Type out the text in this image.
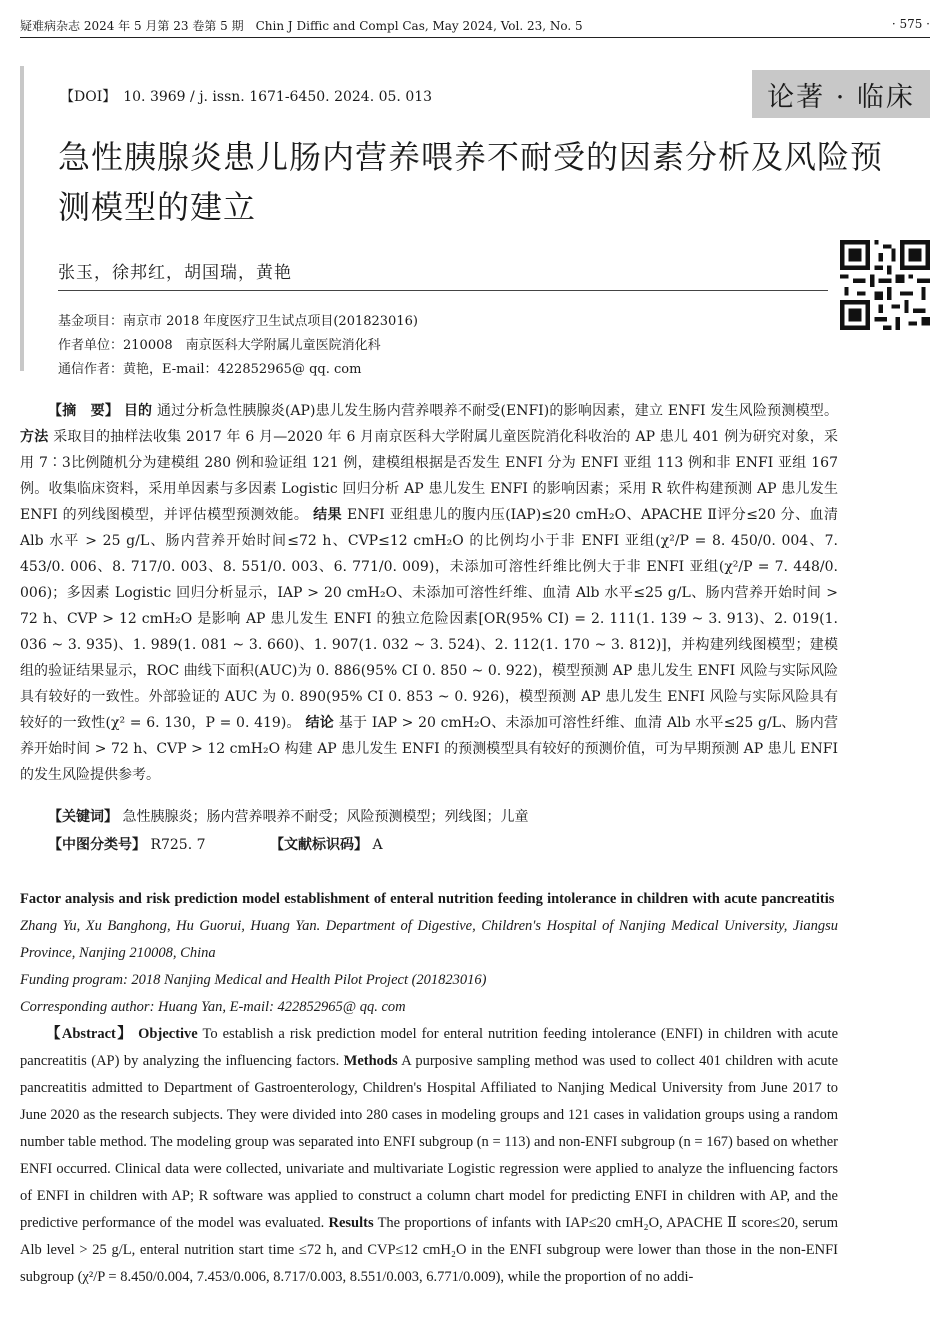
疑难病杂志 2024 年 5 月第 23 卷第 5 期　Chin J Diffic and Compl Cas, May 2024, Vol. 23, No. 5	· 575 ·
【DOI】　10. 3969 / j. issn. 1671-6450. 2024. 05. 013	论著 · 临床
急性胰腺炎患儿肠内营养喂养不耐受的因素分析及风险预测模型的建立
张玉，徐邦红，胡国瑞，黄艳
基金项目：南京市 2018 年度医疗卫生试点项目(201823016)
作者单位：210008　南京医科大学附属儿童医院消化科
通信作者：黄艳，E-mail：422852965@ qq. com

【摘　要】 目的 通过分析急性胰腺炎(AP)患儿发生肠内营养喂养不耐受(ENFI)的影响因素，建立 ENFI 发生风险预测模型。 方法 采取目的抽样法收集 2017 年 6 月—2020 年 6 月南京医科大学附属儿童医院消化科收治的 AP 患儿 401 例为研究对象，采用 7∶3比例随机分为建模组 280 例和验证组 121 例，建模组根据是否发生 ENFI 分为 ENFI 亚组 113 例和非 ENFI 亚组 167 例。收集临床资料，采用单因素与多因素 Logistic 回归分析 AP 患儿发生 ENFI 的影响因素；采用 R 软件构建预测 AP 患儿发生 ENFI 的列线图模型，并评估模型预测效能。 结果 ENFI 亚组患儿的腹内压(IAP)≤20 cmH₂O、APACHE Ⅱ评分≤20 分、血清 Alb 水平 > 25 g/L、肠内营养开始时间≤72 h、CVP≤12 cmH₂O 的比例均小于非 ENFI 亚组(χ²/P = 8. 450/0. 004、7. 453/0. 006、8. 717/0. 003、8. 551/0. 003、6. 771/0. 009)，未添加可溶性纤维比例大于非 ENFI 亚组(χ²/P = 7. 448/0. 006)；多因素 Logistic 回归分析显示，IAP > 20 cmH₂O、未添加可溶性纤维、血清 Alb 水平≤25 g/L、肠内营养开始时间 > 72 h、CVP > 12 cmH₂O 是影响 AP 患儿发生 ENFI 的独立危险因素[OR(95% CI) = 2. 111(1. 139 ~ 3. 913)、2. 019(1. 036 ~ 3. 935)、1. 989(1. 081 ~ 3. 660)、1. 907(1. 032 ~ 3. 524)、2. 112(1. 170 ~ 3. 812)]，并构建列线图模型；建模组的验证结果显示，ROC 曲线下面积(AUC)为 0. 886(95% CI 0. 850 ~ 0. 922)，模型预测 AP 患儿发生 ENFI 风险与实际风险具有较好的一致性。外部验证的 AUC 为 0. 890(95% CI 0. 853 ~ 0. 926)，模型预测 AP 患儿发生 ENFI 风险与实际风险具有较好的一致性(χ² = 6. 130，P = 0. 419)。 结论 基于 IAP > 20 cmH₂O、未添加可溶性纤维、血清 Alb 水平≤25 g/L、肠内营养开始时间 > 72 h、CVP > 12 cmH₂O 构建 AP 患儿发生 ENFI 的预测模型具有较好的预测价值，可为早期预测 AP 患儿 ENFI 的发生风险提供参考。

【关键词】 急性胰腺炎；肠内营养喂养不耐受；风险预测模型；列线图；儿童
【中图分类号】 R725. 7	【文献标识码】 A

Factor analysis and risk prediction model establishment of enteral nutrition feeding intolerance in children with acute pancreatitis  Zhang Yu, Xu Banghong, Hu Guorui, Huang Yan. Department of Digestive, Children′s Hospital of Nanjing Medical University, Jiangsu Province, Nanjing 210008, China

Funding program: 2018 Nanjing Medical and Health Pilot Project (201823016)

Corresponding author: Huang Yan, E-mail: 422852965@ qq. com

【Abstract】 Objective To establish a risk prediction model for enteral nutrition feeding intolerance (ENFI) in children with acute pancreatitis (AP) by analyzing the influencing factors. Methods A purposive sampling method was used to collect 401 children with acute pancreatitis admitted to Department of Gastroenterology, Children's Hospital Affiliated to Nanjing Medical University from June 2017 to June 2020 as the research subjects. They were divided into 280 cases in modeling groups and 121 cases in validation groups using a random number table method. The modeling group was separated into ENFI subgroup (n = 113) and non-ENFI subgroup (n = 167) based on whether ENFI occurred. Clinical data were collected, univariate and multivariate Logistic regression were applied to analyze the influencing factors of ENFI in children with AP; R software was applied to construct a column chart model for predicting ENFI in children with AP, and the predictive performance of the model was evaluated. Results The proportions of infants with IAP≤20 cmH₂O, APACHE Ⅱ score≤20, serum Alb level > 25 g/L, enteral nutrition start time ≤72 h, and CVP≤12 cmH₂O in the ENFI subgroup were lower than those in the non-ENFI subgroup (χ²/P = 8.450/0.004, 7.453/0.006, 8.717/0.003, 8.551/0.003, 6.771/0.009), while the proportion of no addi-
